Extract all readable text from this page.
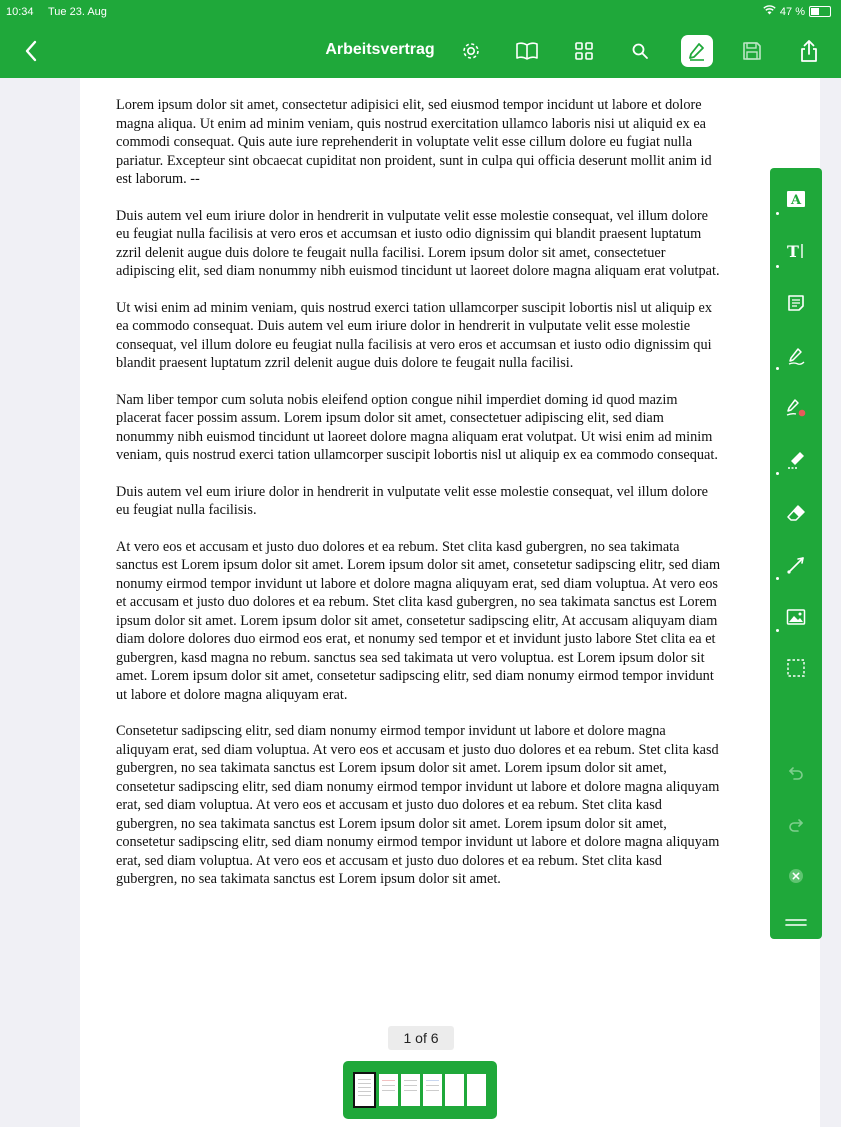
10:34 Tue 23. Aug	47 %
Arbeitsvertrag

Lorem ipsum dolor sit amet, consectetur adipisici elit, sed eiusmod tempor incidunt ut labore et dolore magna aliqua. Ut enim ad minim veniam, quis nostrud exercitation ullamco laboris nisi ut aliquid ex ea commodi consequat. Quis aute iure reprehenderit in voluptate velit esse cillum dolore eu fugiat nulla pariatur. Excepteur sint obcaecat cupiditat non proident, sunt in culpa qui officia deserunt mollit anim id est laborum. --

Duis autem vel eum iriure dolor in hendrerit in vulputate velit esse molestie consequat, vel illum dolore eu feugiat nulla facilisis at vero eros et accumsan et iusto odio dignissim qui blandit praesent luptatum zzril delenit augue duis dolore te feugait nulla facilisi. Lorem ipsum dolor sit amet, consectetuer adipiscing elit, sed diam nonummy nibh euismod tincidunt ut laoreet dolore magna aliquam erat volutpat.

Ut wisi enim ad minim veniam, quis nostrud exerci tation ullamcorper suscipit lobortis nisl ut aliquip ex ea commodo consequat. Duis autem vel eum iriure dolor in hendrerit in vulputate velit esse molestie consequat, vel illum dolore eu feugiat nulla facilisis at vero eros et accumsan et iusto odio dignissim qui blandit praesent luptatum zzril delenit augue duis dolore te feugait nulla facilisi.

Nam liber tempor cum soluta nobis eleifend option congue nihil imperdiet doming id quod mazim placerat facer possim assum. Lorem ipsum dolor sit amet, consectetuer adipiscing elit, sed diam nonummy nibh euismod tincidunt ut laoreet dolore magna aliquam erat volutpat. Ut wisi enim ad minim veniam, quis nostrud exerci tation ullamcorper suscipit lobortis nisl ut aliquip ex ea commodo consequat.

Duis autem vel eum iriure dolor in hendrerit in vulputate velit esse molestie consequat, vel illum dolore eu feugiat nulla facilisis.

At vero eos et accusam et justo duo dolores et ea rebum. Stet clita kasd gubergren, no sea takimata sanctus est Lorem ipsum dolor sit amet. Lorem ipsum dolor sit amet, consetetur sadipscing elitr, sed diam nonumy eirmod tempor invidunt ut labore et dolore magna aliquyam erat, sed diam voluptua. At vero eos et accusam et justo duo dolores et ea rebum. Stet clita kasd gubergren, no sea takimata sanctus est Lorem ipsum dolor sit amet. Lorem ipsum dolor sit amet, consetetur sadipscing elitr, At accusam aliquyam diam diam dolore dolores duo eirmod eos erat, et nonumy sed tempor et et invidunt justo labore Stet clita ea et gubergren, kasd magna no rebum. sanctus sea sed takimata ut vero voluptua. est Lorem ipsum dolor sit amet. Lorem ipsum dolor sit amet, consetetur sadipscing elitr, sed diam nonumy eirmod tempor invidunt ut labore et dolore magna aliquyam erat.

Consetetur sadipscing elitr, sed diam nonumy eirmod tempor invidunt ut labore et dolore magna aliquyam erat, sed diam voluptua. At vero eos et accusam et justo duo dolores et ea rebum. Stet clita kasd gubergren, no sea takimata sanctus est Lorem ipsum dolor sit amet. Lorem ipsum dolor sit amet, consetetur sadipscing elitr, sed diam nonumy eirmod tempor invidunt ut labore et dolore magna aliquyam erat, sed diam voluptua. At vero eos et accusam et justo duo dolores et ea rebum. Stet clita kasd gubergren, no sea takimata sanctus est Lorem ipsum dolor sit amet. Lorem ipsum dolor sit amet, consetetur sadipscing elitr, sed diam nonumy eirmod tempor invidunt ut labore et dolore magna aliquyam erat, sed diam voluptua. At vero eos et accusam et justo duo dolores et ea rebum. Stet clita kasd gubergren, no sea takimata sanctus est Lorem ipsum dolor sit amet.

A
T
1 of 6
